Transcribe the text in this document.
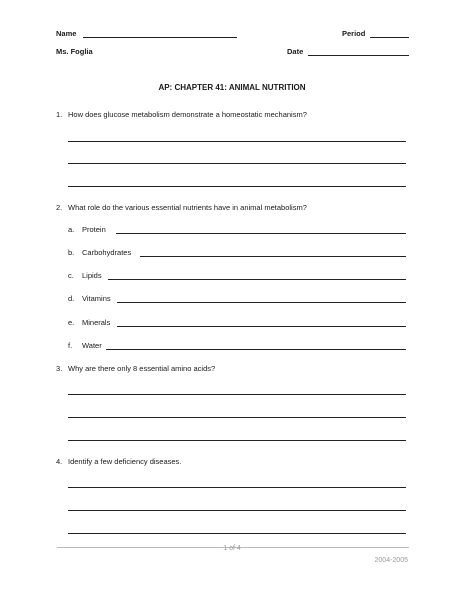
Name	Period
Ms. Foglia	Date
AP: CHAPTER 41: ANIMAL NUTRITION
1. How does glucose metabolism demonstrate a homeostatic mechanism?
2. What role do the various essential nutrients have in animal metabolism?
a. Protein
b. Carbohydrates
c. Lipids
d. Vitamins
e. Minerals
f. Water
3. Why are there only 8 essential amino acids?
4. Identify a few deficiency diseases.
1 of 4
2004-2005
